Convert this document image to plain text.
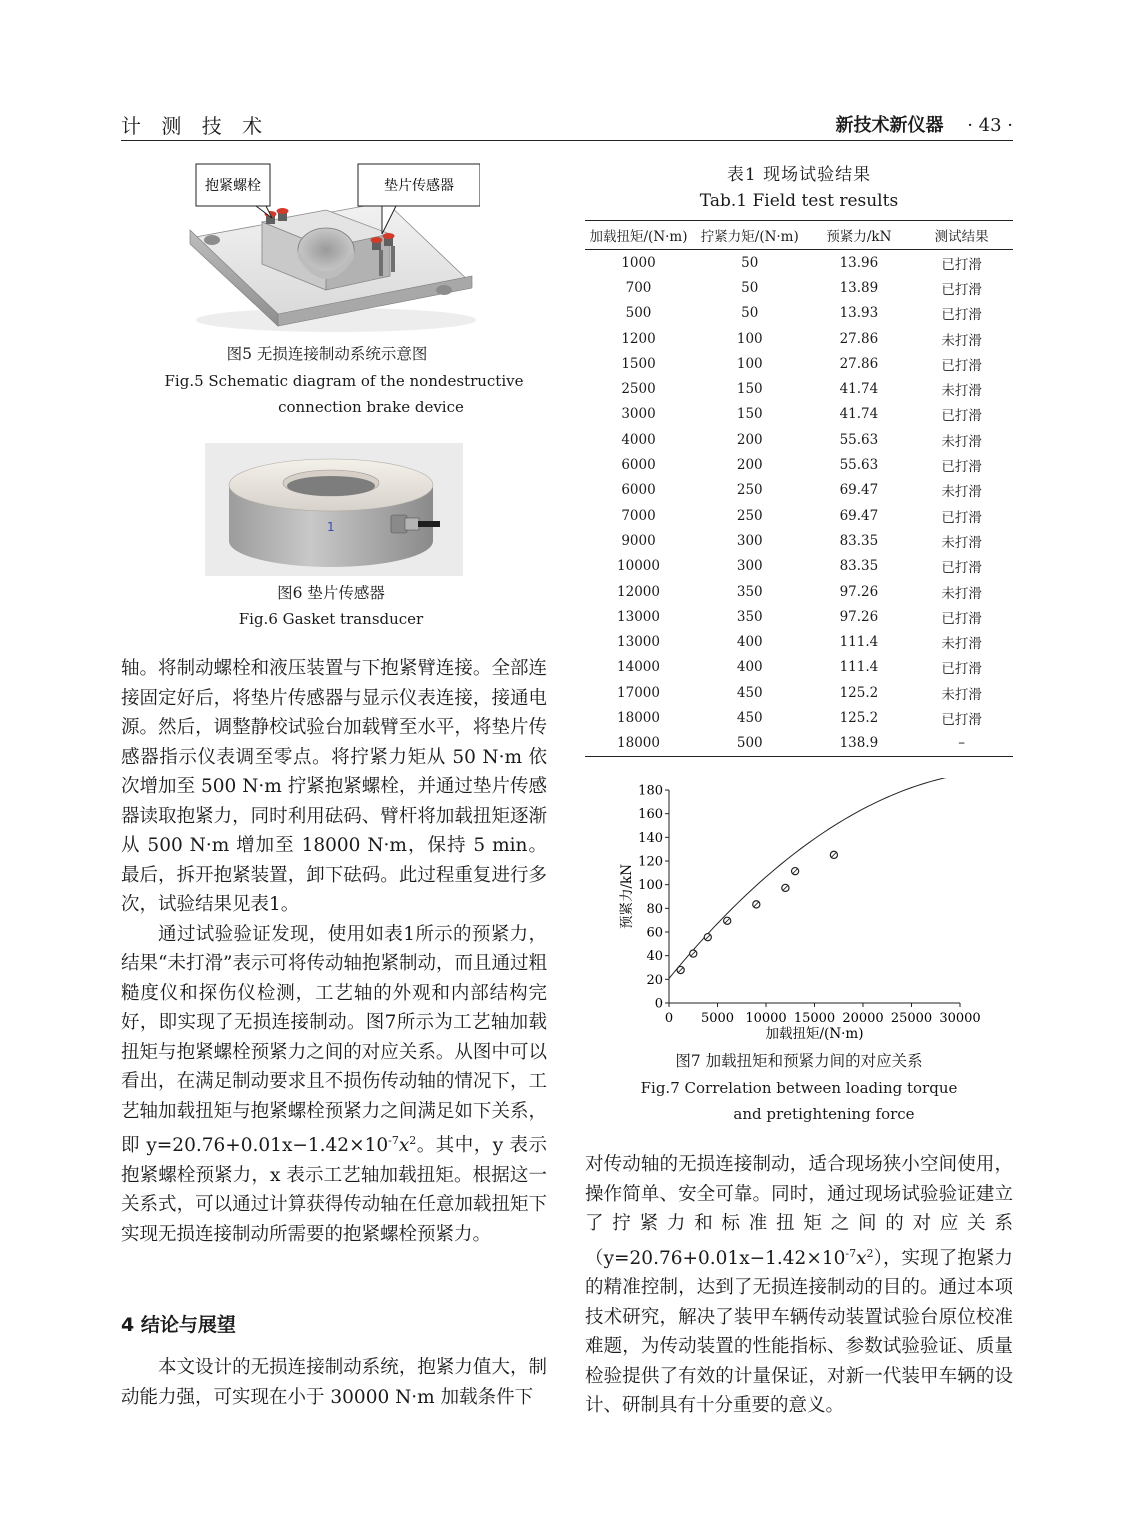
计 测 技 术	新技术新仪器 · 43 ·
抱紧螺栓	垫片传感器
图5 无损连接制动系统示意图
Fig.5 Schematic diagram of the nondestructive
connection brake device
1
图6 垫片传感器
Fig.6 Gasket transducer

轴。将制动螺栓和液压装置与下抱紧臂连接。全部连接固定好后，将垫片传感器与显示仪表连接，接通电源。然后，调整静校试验台加载臂至水平，将垫片传感器指示仪表调至零点。将拧紧力矩从 50 N·m 依次增加至 500 N·m 拧紧抱紧螺栓，并通过垫片传感器读取抱紧力，同时利用砝码、臂杆将加载扭矩逐渐从 500 N·m 增加至 18000 N·m，保持 5 min。最后，拆开抱紧装置，卸下砝码。此过程重复进行多次，试验结果见表1。

通过试验验证发现，使用如表1所示的预紧力，结果“未打滑”表示可将传动轴抱紧制动，而且通过粗糙度仪和探伤仪检测，工艺轴的外观和内部结构完好，即实现了无损连接制动。图7所示为工艺轴加载扭矩与抱紧螺栓预紧力之间的对应关系。从图中可以看出，在满足制动要求且不损伤传动轴的情况下，工艺轴加载扭矩与抱紧螺栓预紧力之间满足如下关系，即 $y=20.76+0.01x-1.42\times 10^{-7}x^2$。其中，y 表示抱紧螺栓预紧力，x 表示工艺轴加载扭矩。根据这一关系式，可以通过计算获得传动轴在任意加载扭矩下实现无损连接制动所需要的抱紧螺栓预紧力。

4 结论与展望

本文设计的无损连接制动系统，抱紧力值大，制动能力强，可实现在小于 30000 N·m 加载条件下

表1 现场试验结果
Tab.1 Field test results
加载扭矩/(N·m)	拧紧力矩/(N·m)	预紧力/kN	测试结果
1000	50	13.96	已打滑
700	50	13.89	已打滑
500	50	13.93	已打滑
1200	100	27.86	未打滑
1500	100	27.86	已打滑
2500	150	41.74	未打滑
3000	150	41.74	已打滑
4000	200	55.63	未打滑
6000	200	55.63	已打滑
6000	250	69.47	未打滑
7000	250	69.47	已打滑
9000	300	83.35	未打滑
10000	300	83.35	已打滑
12000	350	97.26	未打滑
13000	350	97.26	已打滑
13000	400	111.4	未打滑
14000	400	111.4	已打滑
17000	450	125.2	未打滑
18000	450	125.2	已打滑
18000	500	138.9	–
0 5000 10000 15000 20000 25000 30000
0
20
40
60
80
100
120
140
160
180
加载扭矩/(N·m)
预紧力/kN
图7 加载扭矩和预紧力间的对应关系
Fig.7 Correlation between loading torque
and pretightening force

对传动轴的无损连接制动，适合现场狭小空间使用，操作简单、安全可靠。同时，通过现场试验验证建立了拧紧力和标准扭矩之间的对应关系$(y=20.76+0.01x-1.42\times 10^{-7}x^2)$，实现了抱紧力的精准控制，达到了无损连接制动的目的。通过本项技术研究，解决了装甲车辆传动装置试验台原位校准难题，为传动装置的性能指标、参数试验验证、质量检验提供了有效的计量保证，对新一代装甲车辆的设计、研制具有十分重要的意义。
